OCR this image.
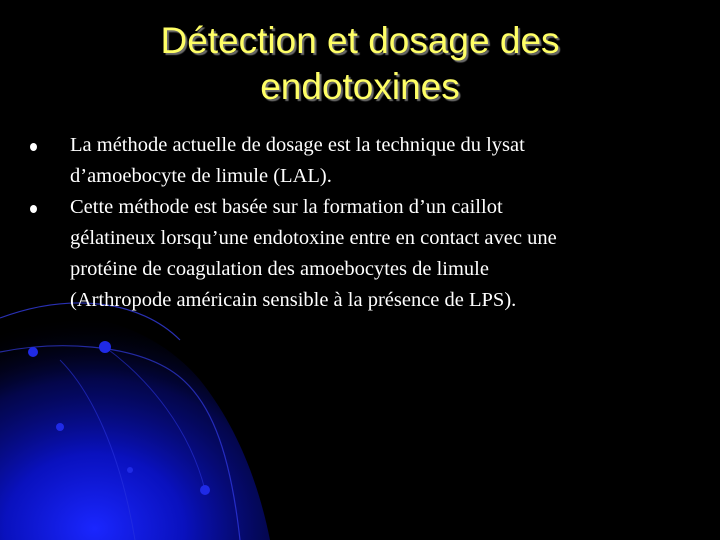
Détection et dosage des
endotoxines
La méthode actuelle de dosage est la technique du lysat
d’amoebocyte de limule (LAL).
Cette méthode est basée sur la formation d’un caillot
gélatineux lorsqu’une endotoxine entre en contact avec une
protéine de coagulation des amoebocytes de limule
(Arthropode américain sensible à la présence de LPS).
